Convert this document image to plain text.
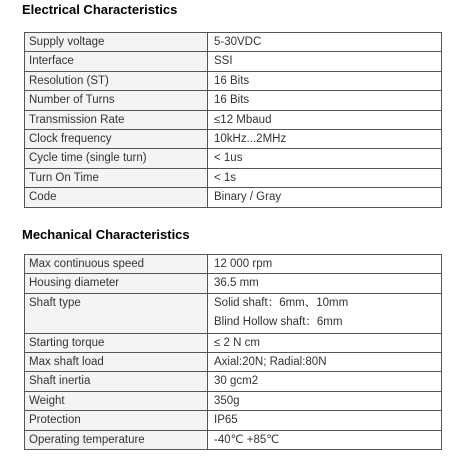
Electrical Characteristics
Supply voltage	5-30VDC
Interface	SSI
Resolution (ST)	16 Bits
Number of Turns	16 Bits
Transmission Rate	≤12 Mbaud
Clock frequency	10kHz...2MHz
Cycle time (single turn)	< 1us
Turn On Time	< 1s
Code	Binary / Gray
Mechanical Characteristics
Max continuous speed	12 000 rpm
Housing diameter	36.5 mm
Shaft type	Solid shaft：6mm、10mm
Blind Hollow shaft：6mm

Starting torque	≤ 2 N cm
Max shaft load	Axial:20N; Radial:80N
Shaft inertia	30 gcm2
Weight	350g
Protection	IP65
Operating temperature	-40℃ +85℃
